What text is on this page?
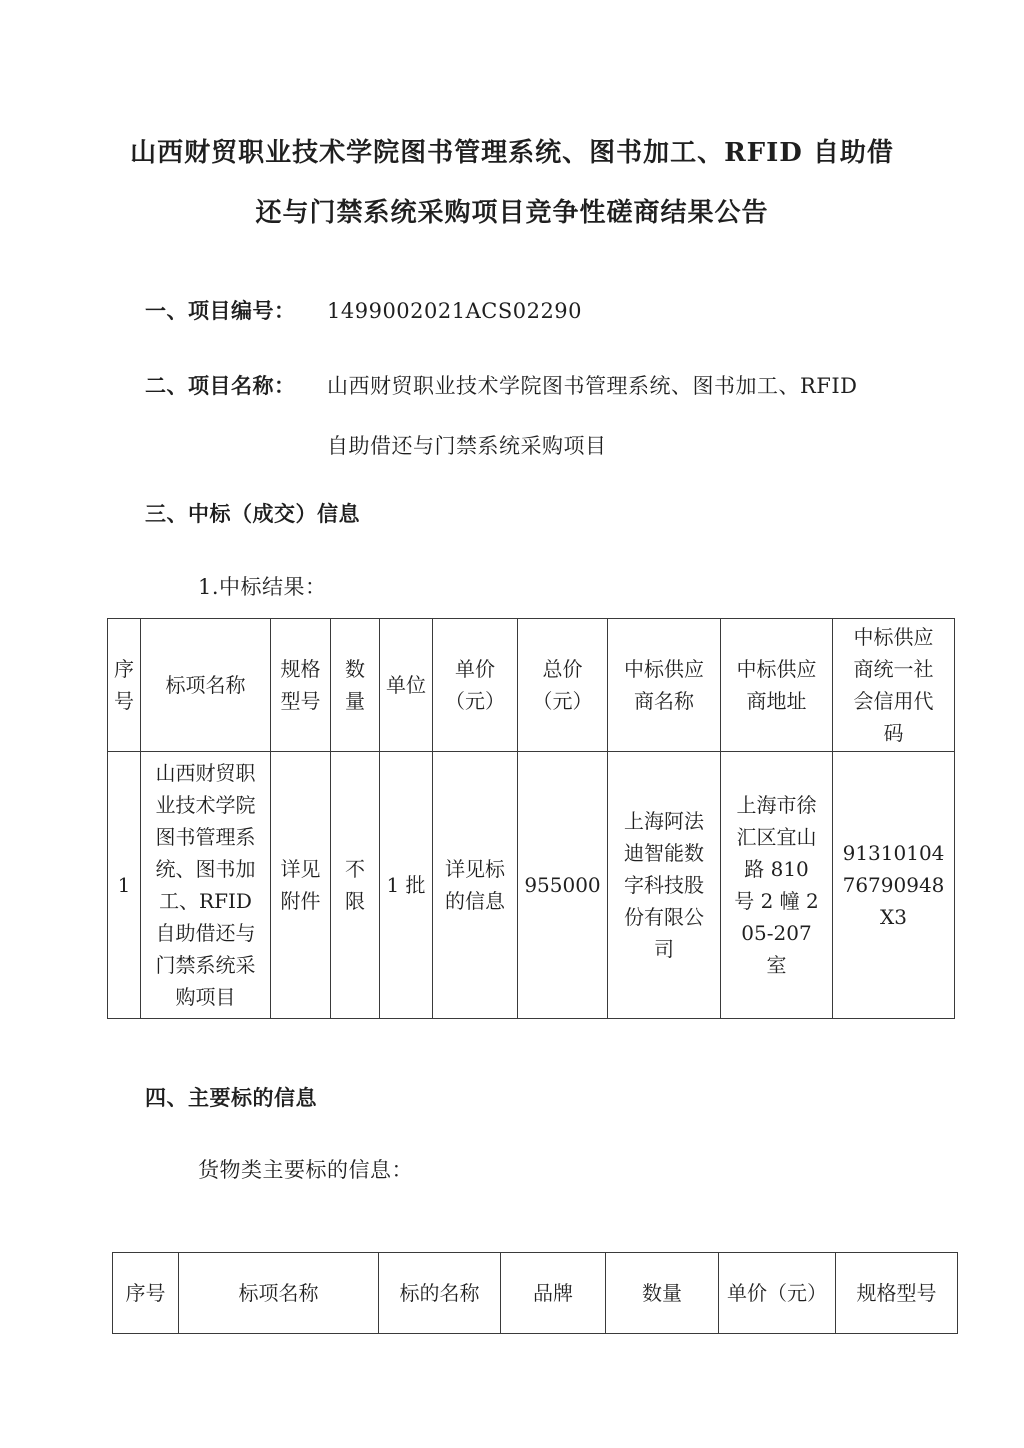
山西财贸职业技术学院图书管理系统、图书加工、RFID 自助借
还与门禁系统采购项目竞争性磋商结果公告
一、项目编号： 1499002021ACS02290
二、项目名称： 山西财贸职业技术学院图书管理系统、图书加工、RFID
自助借还与门禁系统采购项目
三、中标（成交）信息
1.中标结果：
序号	标项名称	规格型号	数量	单位	单价（元）	总价（元）	中标供应商名称	中标供应商地址	中标供应商统一社会信用代码
1	山西财贸职业技术学院图书管理系统、图书加工、RFID 自助借还与门禁系统采购项目	详见附件	不限	1 批	详见标的信息	955000	上海阿法迪智能数字科技股份有限公司	上海市徐汇区宜山路 810 号 2 幢 205-207 室	9131010476790948X3
四、主要标的信息
货物类主要标的信息：
序号	标项名称	标的名称	品牌	数量	单价（元）	规格型号
